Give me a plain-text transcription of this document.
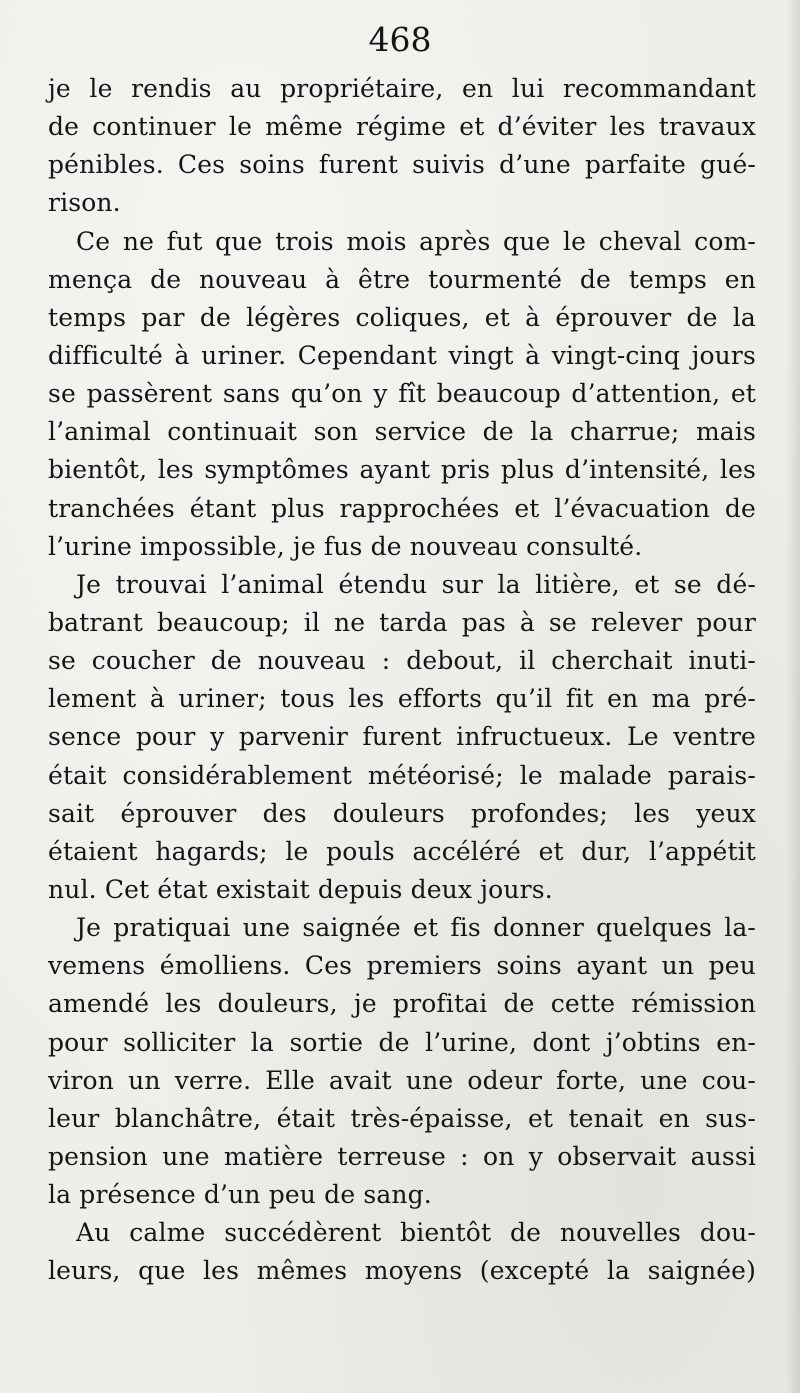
468
je le rendis au propriétaire, en lui recommandant
de continuer le même régime et d’éviter les travaux
pénibles. Ces soins furent suivis d’une parfaite gué-
rison.
Ce ne fut que trois mois après que le cheval com-
mença de nouveau à être tourmenté de temps en
temps par de légères coliques, et à éprouver de la
difficulté à uriner. Cependant vingt à vingt-cinq jours
se passèrent sans qu’on y fît beaucoup d’attention, et
l’animal continuait son service de la charrue; mais
bientôt, les symptômes ayant pris plus d’intensité, les
tranchées étant plus rapprochées et l’évacuation de
l’urine impossible, je fus de nouveau consulté.
Je trouvai l’animal étendu sur la litière, et se dé-
batrant beaucoup; il ne tarda pas à se relever pour
se coucher de nouveau : debout, il cherchait inuti-
lement à uriner; tous les efforts qu’il fit en ma pré-
sence pour y parvenir furent infructueux. Le ventre
était considérablement météorisé; le malade parais-
sait éprouver des douleurs profondes; les yeux
étaient hagards; le pouls accéléré et dur, l’appétit
nul. Cet état existait depuis deux jours.
Je pratiquai une saignée et fis donner quelques la-
vemens émolliens. Ces premiers soins ayant un peu
amendé les douleurs, je profitai de cette rémission
pour solliciter la sortie de l’urine, dont j’obtins en-
viron un verre. Elle avait une odeur forte, une cou-
leur blanchâtre, était très-épaisse, et tenait en sus-
pension une matière terreuse : on y observait aussi
la présence d’un peu de sang.
Au calme succédèrent bientôt de nouvelles dou-
leurs, que les mêmes moyens (excepté la saignée)
